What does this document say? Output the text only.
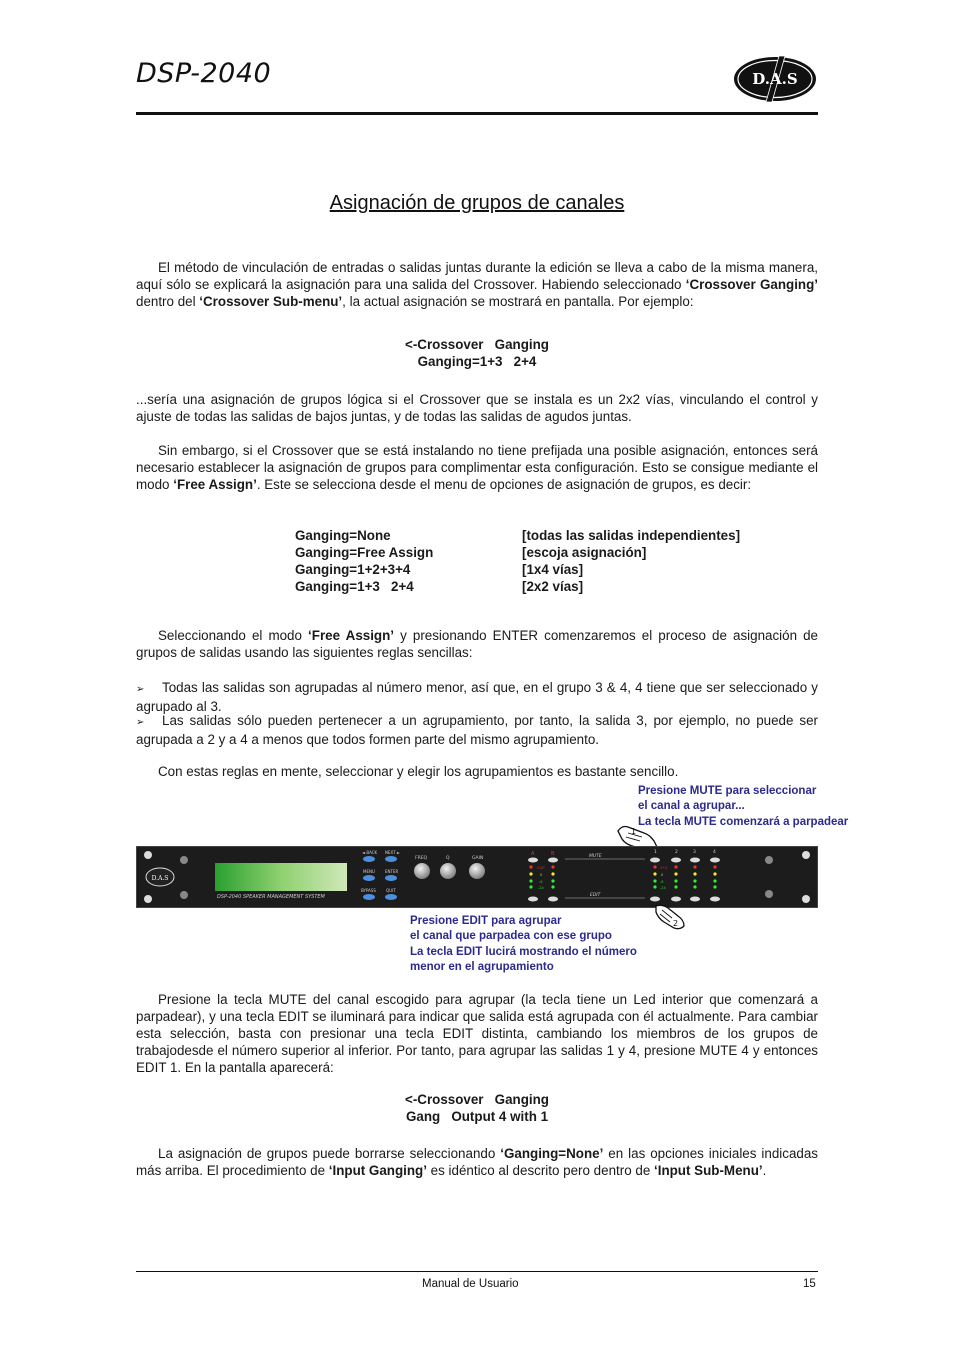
DSP-2040	D.A.S
Asignación de grupos de canales

El método de vinculación de entradas o salidas juntas durante la edición se lleva a cabo de la misma manera, aquí sólo se explicará la asignación para una salida del Crossover. Habiendo seleccionado ‘Crossover Ganging’ dentro del ‘Crossover Sub-menu’, la actual asignación se mostrará en pantalla. Por ejemplo:

<-Crossover   Ganging
Ganging=1+3   2+4

...sería una asignación de grupos lógica si el Crossover que se instala es un 2x2 vías, vinculando el control y ajuste de todas las salidas de bajos juntas, y de todas las salidas de agudos juntas.

Sin embargo, si el Crossover que se está instalando no tiene prefijada una posible asignación, entonces será necesario establecer la asignación de grupos para complimentar esta configuración. Esto se consigue mediante el modo ‘Free Assign’. Este se selecciona desde el menu de opciones de asignación de grupos, es decir:

Ganging=None	[todas las salidas independientes]
Ganging=Free Assign	[escoja asignación]
Ganging=1+2+3+4	[1x4 vías]
Ganging=1+3   2+4	[2x2 vías]

Seleccionando el modo ‘Free Assign’ y presionando ENTER comenzaremos el proceso de asignación de grupos de salidas usando las siguientes reglas sencillas:

➢ Todas las salidas son agrupadas al número menor, así que, en el grupo 3 & 4, 4 tiene que ser seleccionado y agrupado al 3.

➢ Las salidas sólo pueden pertenecer a un agrupamiento, por tanto, la salida 3, por ejemplo, no puede ser agrupada a 2 y a 4 a menos que todos formen parte del mismo agrupamiento.

Con estas reglas en mente, seleccionar y elegir los agrupamientos es bastante sencillo.

Presione MUTE para seleccionar
el canal a agrupar...
La tecla MUTE comenzará a parpadear
1
D.A.S
DSP-2040 SPEAKER MANAGEMENT SYSTEM
◄ BACK NEXT ►
MENU	ENTER
BYPASS	QUIT
FREQ	Q	GAIN
A	B
CLIP
0
-6
-24
MUTE
EDIT
1	2	3	4
1+4
0
-6
-24
2
Presione EDIT para agrupar
el canal que parpadea con ese grupo
La tecla EDIT lucirá mostrando el número
menor en el agrupamiento

Presione la tecla MUTE del canal escogido para agrupar (la tecla tiene un Led interior que comenzará a parpadear), y una tecla EDIT se iluminará para indicar que salida está agrupada con él actualmente. Para cambiar esta selección, basta con presionar una tecla EDIT distinta, cambiando los miembros de los grupos de trabajodesde el número superior al inferior. Por tanto, para agrupar las salidas 1 y 4, presione MUTE 4 y entonces EDIT 1. En la pantalla aparecerá:

<-Crossover   Ganging
Gang   Output 4 with 1

La asignación de grupos puede borrarse seleccionando ‘Ganging=None’ en las opciones iniciales indicadas más arriba. El procedimiento de ‘Input Ganging’ es idéntico al descrito pero dentro de ‘Input Sub-Menu’.

Manual de Usuario	15
